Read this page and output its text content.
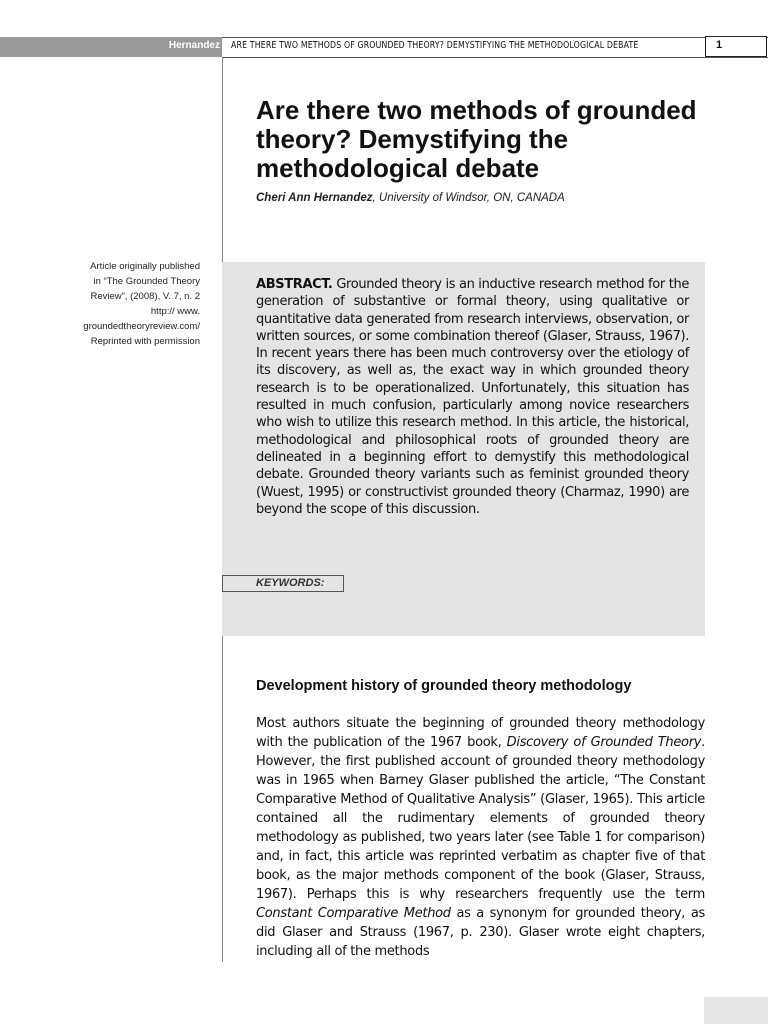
Hernandez ARE THERE TWO METHODS OF GROUNDED THEORY? DEMYSTIFYING THE METHODOLOGICAL DEBATE	1
Are there two methods of grounded theory? Demystifying the methodological debate
Cheri Ann Hernandez, University of Windsor, ON, CANADA
Article originally published
in “The Grounded Theory
Review”, (2008), V. 7, n. 2
http:// www.
groundedtheoryreview.com/
Reprinted with permission

ABSTRACT. Grounded theory is an inductive research method for the generation of substantive or formal theory, using qualitative or quantitative data generated from research interviews, observation, or written sources, or some combination thereof (Glaser, Strauss, 1967). In recent years there has been much controversy over the etiology of its discovery, as well as, the exact way in which grounded theory research is to be operationalized. Unfortunately, this situation has resulted in much confusion, particularly among novice researchers who wish to utilize this research method. In this article, the historical, methodological and philosophical roots of grounded theory are delineated in a beginning effort to demystify this methodological debate. Grounded theory variants such as feminist grounded theory (Wuest, 1995) or constructivist grounded theory (Charmaz, 1990) are beyond the scope of this discussion.

KEYWORDS:
Development history of grounded theory methodology

Most authors situate the beginning of grounded theory methodology with the publication of the 1967 book, Discovery of Grounded Theory. However, the first published account of grounded theory methodology was in 1965 when Barney Glaser published the article, “The Constant Comparative Method of Qualitative Analysis” (Glaser, 1965). This article contained all the rudimentary elements of grounded theory methodology as published, two years later (see Table 1 for comparison) and, in fact, this article was reprinted verbatim as chapter five of that book, as the major methods component of the book (Glaser, Strauss, 1967). Perhaps this is why researchers frequently use the term Constant Comparative Method as a synonym for grounded theory, as did Glaser and Strauss (1967, p. 230). Glaser wrote eight chapters, including all of the methods
